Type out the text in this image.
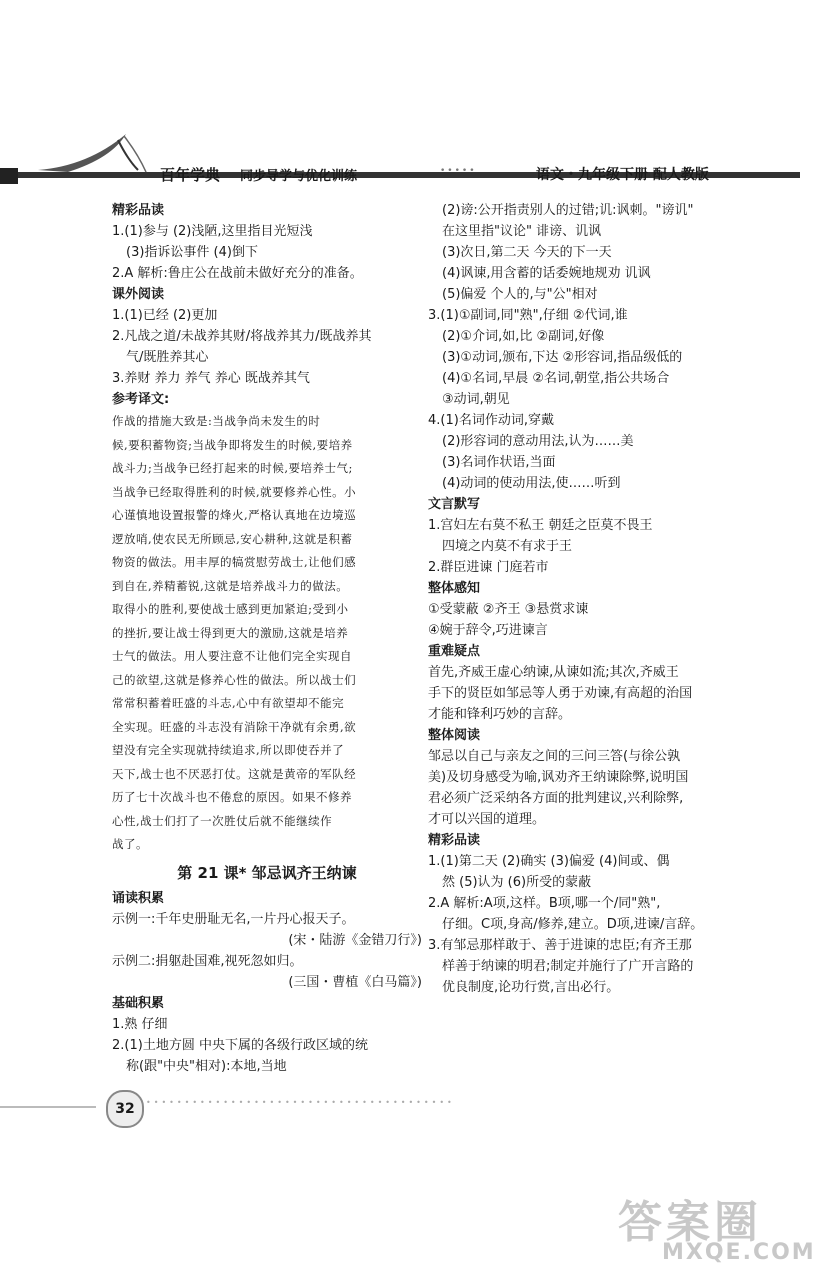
百年学典 同步导学与优化训练	•••••	语文・九年级下册 配人教版

精彩品读

1.(1)参与 (2)浅陋,这里指目光短浅

(3)指诉讼事件 (4)倒下

2.A 解析:鲁庄公在战前未做好充分的准备。

课外阅读

1.(1)已经 (2)更加

2.凡战之道/未战养其财/将战养其力/既战养其

气/既胜养其心

3.养财 养力 养气 养心 既战养其气

参考译文:

作战的措施大致是:当战争尚未发生的时

候,要积蓄物资;当战争即将发生的时候,要培养

战斗力;当战争已经打起来的时候,要培养士气;

当战争已经取得胜利的时候,就要修养心性。小

心谨慎地设置报警的烽火,严格认真地在边境巡

逻放哨,使农民无所顾忌,安心耕种,这就是积蓄

物资的做法。用丰厚的犒赏慰劳战士,让他们感

到自在,养精蓄锐,这就是培养战斗力的做法。

取得小的胜利,要使战士感到更加紧迫;受到小

的挫折,要让战士得到更大的激励,这就是培养

士气的做法。用人要注意不让他们完全实现自

己的欲望,这就是修养心性的做法。所以战士们

常常积蓄着旺盛的斗志,心中有欲望却不能完

全实现。旺盛的斗志没有消除干净就有余勇,欲

望没有完全实现就持续追求,所以即使吞并了

天下,战士也不厌恶打仗。这就是黄帝的军队经

历了七十次战斗也不倦怠的原因。如果不修养

心性,战士们打了一次胜仗后就不能继续作

战了。

第 21 课* 邹忌讽齐王纳谏

诵读积累

示例一:千年史册耻无名,一片丹心报天子。

(宋・陆游《金错刀行》)

示例二:捐躯赴国难,视死忽如归。

(三国・曹植《白马篇》)

基础积累

1.熟 仔细

2.(1)土地方圆 中央下属的各级行政区域的统

称(跟"中央"相对):本地,当地

(2)谤:公开指责别人的过错;讥:讽刺。"谤讥"

在这里指"议论" 诽谤、讥讽

(3)次日,第二天 今天的下一天

(4)讽谏,用含蓄的话委婉地规劝 讥讽

(5)偏爱 个人的,与"公"相对

3.(1)①副词,同"熟",仔细 ②代词,谁

(2)①介词,如,比 ②副词,好像

(3)①动词,颁布,下达 ②形容词,指品级低的

(4)①名词,早晨 ②名词,朝堂,指公共场合

③动词,朝见

4.(1)名词作动词,穿戴

(2)形容词的意动用法,认为……美

(3)名词作状语,当面

(4)动词的使动用法,使……听到

文言默写

1.宫妇左右莫不私王 朝廷之臣莫不畏王

四境之内莫不有求于王

2.群臣进谏 门庭若市

整体感知

①受蒙蔽 ②齐王 ③悬赏求谏

④婉于辞令,巧进谏言

重难疑点

首先,齐威王虚心纳谏,从谏如流;其次,齐威王

手下的贤臣如邹忌等人勇于劝谏,有高超的治国

才能和锋利巧妙的言辞。

整体阅读

邹忌以自己与亲友之间的三问三答(与徐公孰

美)及切身感受为喻,讽劝齐王纳谏除弊,说明国

君必须广泛采纳各方面的批判建议,兴利除弊,

才可以兴国的道理。

精彩品读

1.(1)第二天 (2)确实 (3)偏爱 (4)间或、偶

然 (5)认为 (6)所受的蒙蔽

2.A 解析:A项,这样。B项,哪一个/同"熟",

仔细。C项,身高/修养,建立。D项,进谏/言辞。

3.有邹忌那样敢于、善于进谏的忠臣;有齐王那

样善于纳谏的明君;制定并施行了广开言路的

优良制度,论功行赏,言出必行。

32	••••••••••••••••••••••••••••••••••••••••
答案圈
MXQE.COM
